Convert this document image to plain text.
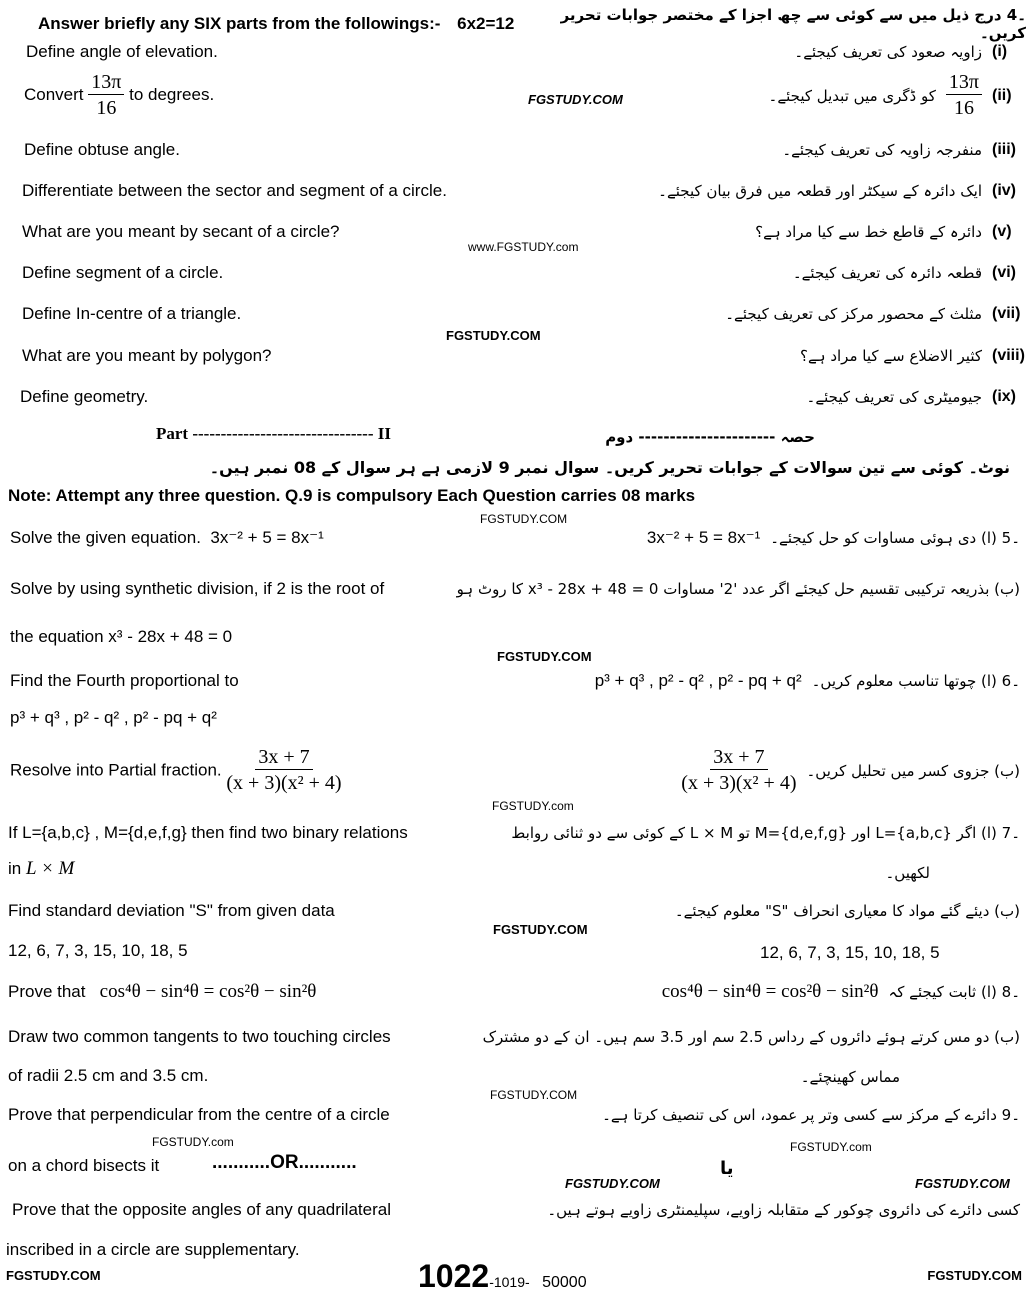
Answer briefly any SIX parts from the followings:- 6x2=12	۔4 درج ذیل میں سے کوئی سے چھ اجزا کے مختصر جوابات تحریر کریں۔
Define angle of elevation.	زاویہ صعود کی تعریف کیجئے۔ (i)
Convert $\frac{13\pi}{16}$ to degrees.	کو ڈگری میں تبدیل کیجئے۔ $\frac{13\pi}{16} (ii)$
Define obtuse angle.	منفرجہ زاویہ کی تعریف کیجئے۔ (iii)
Differentiate between the sector and segment of a circle.	ایک دائرہ کے سیکٹر اور قطعہ میں فرق بیان کیجئے۔ (iv)
What are you meant by secant of a circle?	دائرہ کے قاطع خط سے کیا مراد ہے؟ (v)
Define segment of a circle.	قطعہ دائرہ کی تعریف کیجئے۔ (vi)
Define In-centre of a triangle.	مثلث کے محصور مرکز کی تعریف کیجئے۔ (vii)
What are you meant by polygon?	کثیر الاضلاع سے کیا مراد ہے؟ (viii)
Define geometry.	جیومیٹری کی تعریف کیجئے۔ (ix)
Part -------------------------------- II	حصہ ---------------------- دوم
نوٹ۔ کوئی سے تین سوالات کے جوابات تحریر کریں۔ سوال نمبر 9 لازمی ہے ہر سوال کے 08 نمبر ہیں۔
Note: Attempt any three question. Q.9 is compulsory Each Question carries 08 marks
Solve the given equation. 3x⁻² + 5 = 8x⁻¹	3x⁻² + 5 = 8x⁻¹ ۔5 (ا) دی ہوئی مساوات کو حل کیجئے۔
Solve by using synthetic division, if 2 is the root of	(ب) بذریعہ ترکیبی تقسیم حل کیجئے اگر عدد '2' مساوات x³ - 28x + 48 = 0 کا روٹ ہو
the equation x³ - 28x + 48 = 0
Find the Fourth proportional to	p³ + q³ , p² - q² , p² - pq + q² ۔6 (ا) چوتھا تناسب معلوم کریں۔
p³ + q³ , p² - q² , p² - pq + q²
Resolve into Partial fraction. $\frac{3x + 7}{\text{(x + 3)(x² + 4)}}$	$\frac{3x + 7}{\text{(x + 3)(x² + 4)}}$ (ب) جزوی کسر میں تحلیل کریں۔
If L={a,b,c} , M={d,e,f,g} then find two binary relations	۔7 (ا) اگر L={a,b,c} اور M={d,e,f,g} تو L × M کے کوئی سے دو ثنائی روابط
in L × M	لکھیں۔
Find standard deviation "S" from given data	(ب) دیئے گئے مواد کا معیاری انحراف "S" معلوم کیجئے۔
12, 6, 7, 3, 15, 10, 18, 5	12, 6, 7, 3, 15, 10, 18, 5
Prove that cos⁴θ − sin⁴θ = cos²θ − sin²θ	cos⁴θ − sin⁴θ = cos²θ − sin²θ ۔8 (ا) ثابت کیجئے کہ
Draw two common tangents to two touching circles	(ب) دو مس کرتے ہوئے دائروں کے رداس 2.5 سم اور 3.5 سم ہیں۔ ان کے دو مشترک
of radii 2.5 cm and 3.5 cm.	مماس کھینچئے۔
Prove that perpendicular from the centre of a circle	۔9 دائرے کے مرکز سے کسی وتر پر عمود، اس کی تنصیف کرتا ہے۔
on a chord bisects it	...........OR...........	یا
Prove that the opposite angles of any quadrilateral	کسی دائرے کی دائروی چوکور کے متقابلہ زاویے، سپلیمنٹری زاویے ہوتے ہیں۔
inscribed in a circle are supplementary.
FGSTUDY.COM
www.FGSTUDY.com
FGSTUDY.COM
FGSTUDY.COM
FGSTUDY.COM
FGSTUDY.com
FGSTUDY.COM
FGSTUDY.COM
FGSTUDY.com	FGSTUDY.com
FGSTUDY.COM	FGSTUDY.COM
FGSTUDY.COM	1022-1019- 50000	FGSTUDY.COM
